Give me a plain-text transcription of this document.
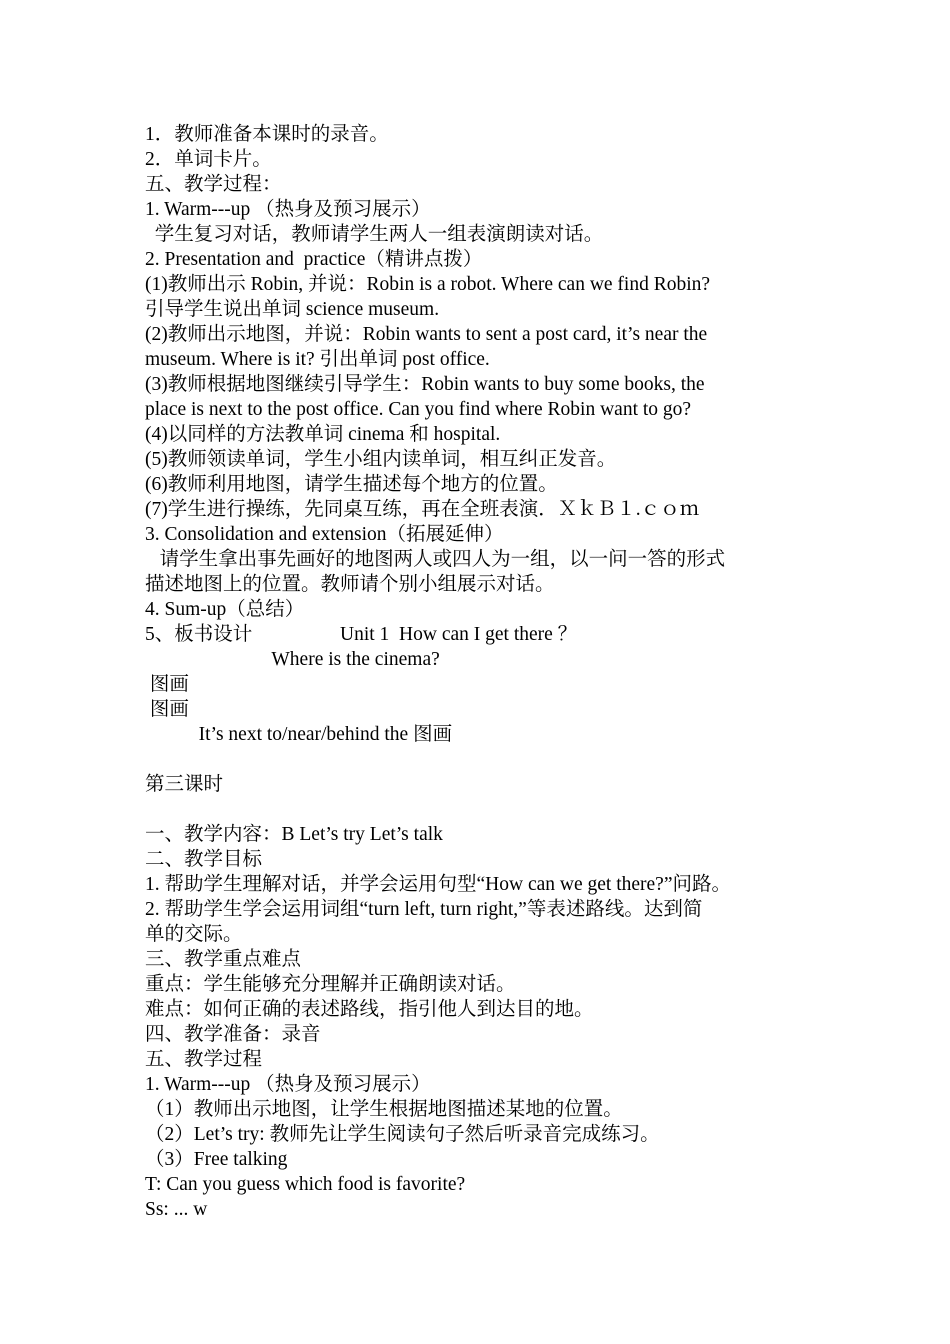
1．教师准备本课时的录音。

2．单词卡片。

五、教学过程：

1. Warm---up （热身及预习展示）

学生复习对话，教师请学生两人一组表演朗读对话。

2. Presentation and  practice（精讲点拨）

(1)教师出示 Robin, 并说：Robin is a robot. Where can we find Robin?

引导学生说出单词 science museum.

(2)教师出示地图，并说：Robin wants to sent a post card, it’s near the

museum. Where is it? 引出单词 post office.

(3)教师根据地图继续引导学生：Robin wants to buy some books, the

place is next to the post office. Can you find where Robin want to go?

(4)以同样的方法教单词 cinema 和 hospital.

(5)教师领读单词，学生小组内读单词，相互纠正发音。

(6)教师利用地图，请学生描述每个地方的位置。

(7)学生进行操练，先同桌互练，再在全班表演．ＸｋＢ１.ｃｏｍ

3. Consolidation and extension（拓展延伸）

请学生拿出事先画好的地图两人或四人为一组，以一问一答的形式

描述地图上的位置。教师请个别小组展示对话。

4. Sum-up（总结）

5、板书设计                  Unit 1  How can I get there ？

Where is the cinema?

图画

图画

It’s next to/near/behind the 图画

第三课时

一、教学内容：B Let’s try Let’s talk

二、教学目标

1. 帮助学生理解对话，并学会运用句型“How can we get there?”问路。

2. 帮助学生学会运用词组“turn left, turn right,”等表述路线。达到简

单的交际。

三、教学重点难点

重点：学生能够充分理解并正确朗读对话。

难点：如何正确的表述路线，指引他人到达目的地。

四、教学准备：录音

五、教学过程

1. Warm---up （热身及预习展示）

（1）教师出示地图，让学生根据地图描述某地的位置。

（2）Let’s try: 教师先让学生阅读句子然后听录音完成练习。

（3）Free talking

T: Can you guess which food is favorite?

Ss: ... w
